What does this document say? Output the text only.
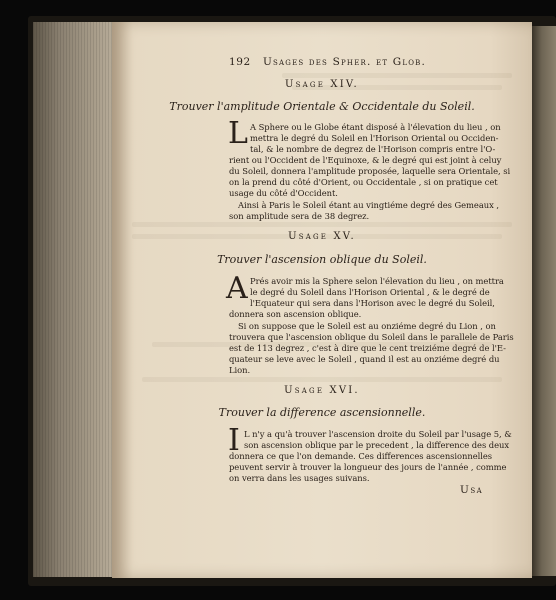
192 Usages des Spher. et Glob.
Usage XIV.
Trouver l'amplitude Orientale & Occidentale du Soleil.
L A Sphere ou le Globe étant disposé à l'élevation du lieu , on
mettra le degré du Soleil en l'Horison Oriental ou Occiden-
tal, & le nombre de degrez de l'Horison compris entre l'O-
rient ou l'Occident de l'Equinoxe, & le degré qui est joint à celuy
du Soleil, donnera l'amplitude proposée, laquelle sera Orientale, si
on la prend du côté d'Orient, ou Occidentale , si on pratique cet
usage du côté d'Occident.
Ainsi à Paris le Soleil étant au vingtiéme degré des Gemeaux ,
son amplitude sera de 38 degrez.
Usage XV.
Trouver l'ascension oblique du Soleil.
A Prés avoir mis la Sphere selon l'élevation du lieu , on mettra
le degré du Soleil dans l'Horison Oriental , & le degré de
l'Equateur qui sera dans l'Horison avec le degré du Soleil,
donnera son ascension oblique.
Si on suppose que le Soleil est au onziéme degré du Lion , on
trouvera que l'ascension oblique du Soleil dans le parallele de Paris
est de 113 degrez , c'est à dire que le cent treiziéme degré de l'E-
quateur se leve avec le Soleil , quand il est au onziéme degré du
Lion.
Usage XVI.
Trouver la difference ascensionnelle.
I L n'y a qu'à trouver l'ascension droite du Soleil par l'usage 5, &
son ascension oblique par le precedent , la difference des deux
donnera ce que l'on demande. Ces differences ascensionnelles
peuvent servir à trouver la longueur des jours de l'année , comme
on verra dans les usages suivans.
Usa
